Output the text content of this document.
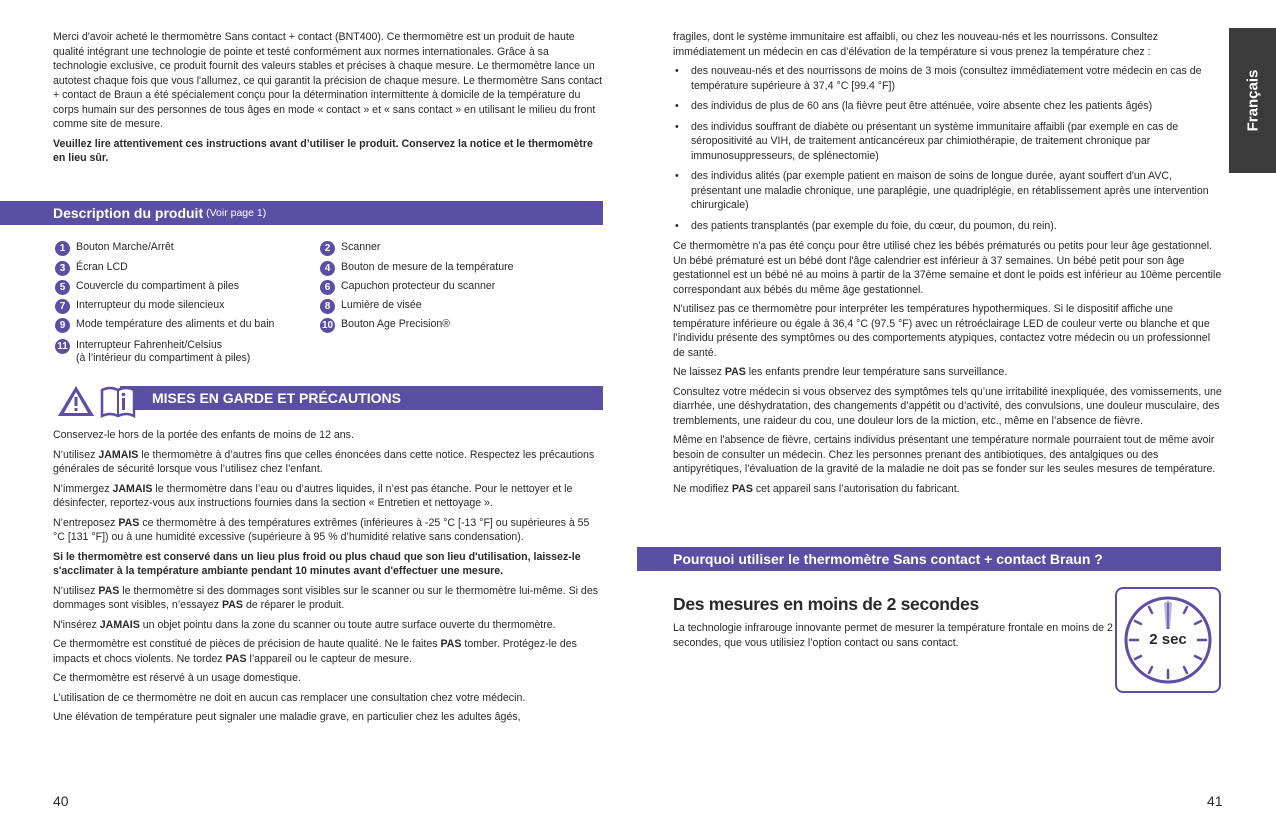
Merci d'avoir acheté le thermomètre Sans contact + contact (BNT400). Ce thermomètre est un produit de haute qualité intégrant une technologie de pointe et testé conformément aux normes internationales. Grâce à sa technologie exclusive, ce produit fournit des valeurs stables et précises à chaque mesure. Le thermomètre lance un autotest chaque fois que vous l'allumez, ce qui garantit la précision de chaque mesure. Le thermomètre Sans contact + contact de Braun a été spécialement conçu pour la détermination intermittente à domicile de la température du corps humain sur des personnes de tous âges en mode « contact » et « sans contact » en utilisant le milieu du front comme site de mesure.

Veuillez lire attentivement ces instructions avant d’utiliser le produit. Conservez la notice et le thermomètre en lieu sûr.

Description du produit (Voir page 1)
1	Bouton Marche/Arrêt	2	Scanner
3	Écran LCD	4	Bouton de mesure de la température
5	Couvercle du compartiment à piles	6	Capuchon protecteur du scanner
7	Interrupteur du mode silencieux	8	Lumière de visée
9	Mode température des aliments et du bain	10 Bouton Age Precision®
11 Interrupteur Fahrenheit/Celsius
(à l’intérieur du compartiment à piles)
MISES EN GARDE ET PRÉCAUTIONS

Conservez-le hors de la portée des enfants de moins de 12 ans.

N’utilisez JAMAIS le thermomètre à d’autres fins que celles énoncées dans cette notice. Respectez les précautions générales de sécurité lorsque vous l’utilisez chez l’enfant.

N’immergez JAMAIS le thermomètre dans l’eau ou d’autres liquides, il n’est pas étanche. Pour le nettoyer et le désinfecter, reportez-vous aux instructions fournies dans la section « Entretien et nettoyage ».

N’entreposez PAS ce thermomètre à des températures extrêmes (inférieures à -25 °C [-13 °F] ou supérieures à 55 °C [131 °F]) ou à une humidité excessive (supérieure à 95 % d’humidité relative sans condensation).

Si le thermomètre est conservé dans un lieu plus froid ou plus chaud que son lieu d'utilisation, laissez-le s'acclimater à la température ambiante pendant 10 minutes avant d'effectuer une mesure.

N’utilisez PAS le thermomètre si des dommages sont visibles sur le scanner ou sur le thermomètre lui-même. Si des dommages sont visibles, n’essayez PAS de réparer le produit.

N'insérez JAMAIS un objet pointu dans la zone du scanner ou toute autre surface ouverte du thermomètre.

Ce thermomètre est constitué de pièces de précision de haute qualité. Ne le faites PAS tomber. Protégez-le des impacts et chocs violents. Ne tordez PAS l’appareil ou le capteur de mesure.

Ce thermomètre est réservé à un usage domestique.

L’utilisation de ce thermomètre ne doit en aucun cas remplacer une consultation chez votre médecin.

Une élévation de température peut signaler une maladie grave, en particulier chez les adultes âgés,

40
Français

fragiles, dont le système immunitaire est affaibli, ou chez les nouveau-nés et les nourrissons. Consultez immédiatement un médecin en cas d’élévation de la température si vous prenez la température chez :

• des nouveau-nés et des nourrissons de moins de 3 mois (consultez immédiatement votre médecin en cas de température supérieure à 37,4 °C [99.4 °F])
• des individus de plus de 60 ans (la fièvre peut être atténuée, voire absente chez les patients âgés)
• des individus souffrant de diabète ou présentant un système immunitaire affaibli (par exemple en cas de séropositivité au VIH, de traitement anticancéreux par chimiothérapie, de traitement chronique par immunosuppresseurs, de splénectomie)
• des individus alités (par exemple patient en maison de soins de longue durée, ayant souffert d'un AVC, présentant une maladie chronique, une paraplégie, une quadriplégie, en rétablissement après une intervention chirurgicale)
• des patients transplantés (par exemple du foie, du cœur, du poumon, du rein).

Ce thermomètre n'a pas été conçu pour être utilisé chez les bébés prématurés ou petits pour leur âge gestationnel. Un bébé prématuré est un bébé dont l'âge calendrier est inférieur à 37 semaines. Un bébé petit pour son âge gestationnel est un bébé né au moins à partir de la 37ème semaine et dont le poids est inférieur au 10ème percentile correspondant aux bébés du même âge gestationnel.

N'utilisez pas ce thermomètre pour interpréter les températures hypothermiques. Si le dispositif affiche une température inférieure ou égale à 36,4 °C (97.5 °F) avec un rétroéclairage LED de couleur verte ou blanche et que l’individu présente des symptômes ou des comportements atypiques, contactez votre médecin ou un professionnel de santé.

Ne laissez PAS les enfants prendre leur température sans surveillance.

Consultez votre médecin si vous observez des symptômes tels qu’une irritabilité inexpliquée, des vomissements, une diarrhée, une déshydratation, des changements d’appétit ou d’activité, des convulsions, une douleur musculaire, des tremblements, une raideur du cou, une douleur lors de la miction, etc., même en l’absence de fièvre.

Même en l'absence de fièvre, certains individus présentant une température normale pourraient tout de même avoir besoin de consulter un médecin. Chez les personnes prenant des antibiotiques, des antalgiques ou des antipyrétiques, l’évaluation de la gravité de la maladie ne doit pas se fonder sur les seules mesures de température.

Ne modifiez PAS cet appareil sans l’autorisation du fabricant.

Pourquoi utiliser le thermomètre Sans contact + contact Braun ?
Des mesures en moins de 2 secondes

La technologie infrarouge innovante permet de mesurer la température frontale en moins de 2 secondes, que vous utilisiez l’option contact ou sans contact.	2 sec
41
